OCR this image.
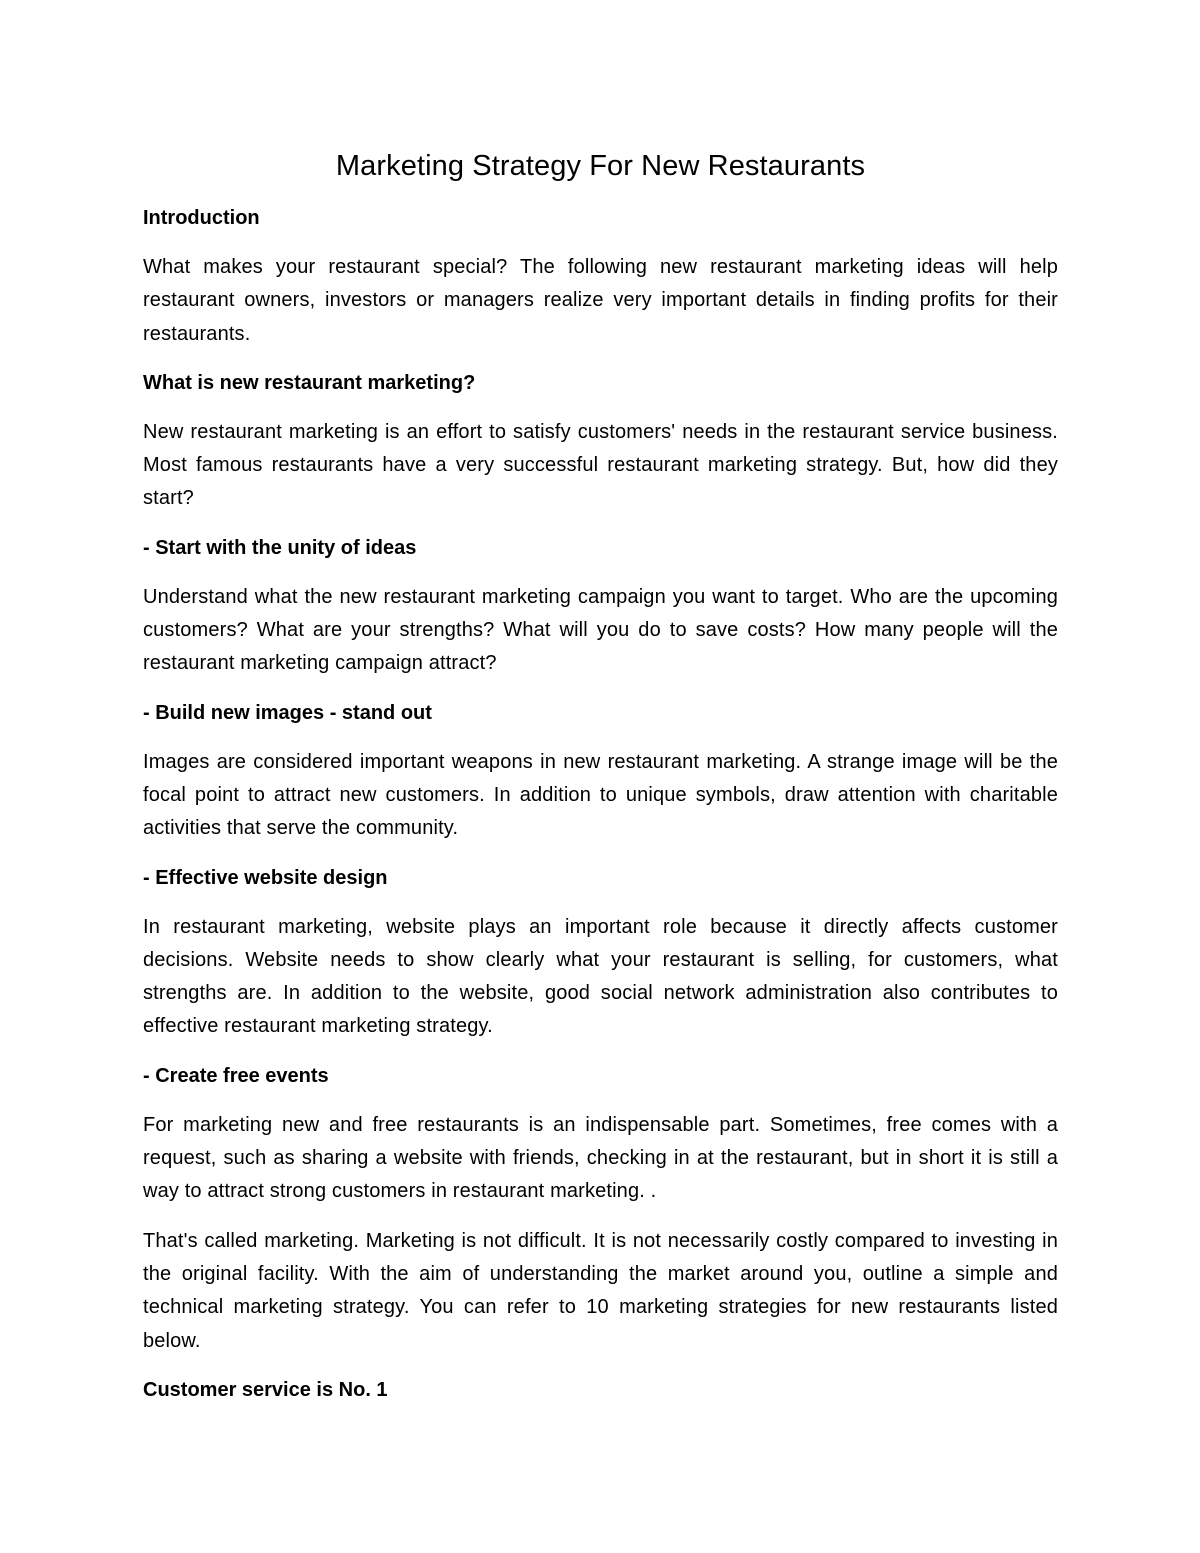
Marketing Strategy For New Restaurants
Introduction

What makes your restaurant special? The following new restaurant marketing ideas will help restaurant owners, investors or managers realize very important details in finding profits for their restaurants.

What is new restaurant marketing?

New restaurant marketing is an effort to satisfy customers' needs in the restaurant service business. Most famous restaurants have a very successful restaurant marketing strategy. But, how did they start?

- Start with the unity of ideas

Understand what the new restaurant marketing campaign you want to target. Who are the upcoming customers? What are your strengths? What will you do to save costs? How many people will the restaurant marketing campaign attract?

- Build new images - stand out

Images are considered important weapons in new restaurant marketing. A strange image will be the focal point to attract new customers. In addition to unique symbols, draw attention with charitable activities that serve the community.

- Effective website design

In restaurant marketing, website plays an important role because it directly affects customer decisions. Website needs to show clearly what your restaurant is selling, for customers, what strengths are. In addition to the website, good social network administration also contributes to effective restaurant marketing strategy.

- Create free events

For marketing new and free restaurants is an indispensable part. Sometimes, free comes with a request, such as sharing a website with friends, checking in at the restaurant, but in short it is still a way to attract strong customers in restaurant marketing. .

That's called marketing. Marketing is not difficult. It is not necessarily costly compared to investing in the original facility. With the aim of understanding the market around you, outline a simple and technical marketing strategy. You can refer to 10 marketing strategies for new restaurants listed below.

Customer service is No. 1
